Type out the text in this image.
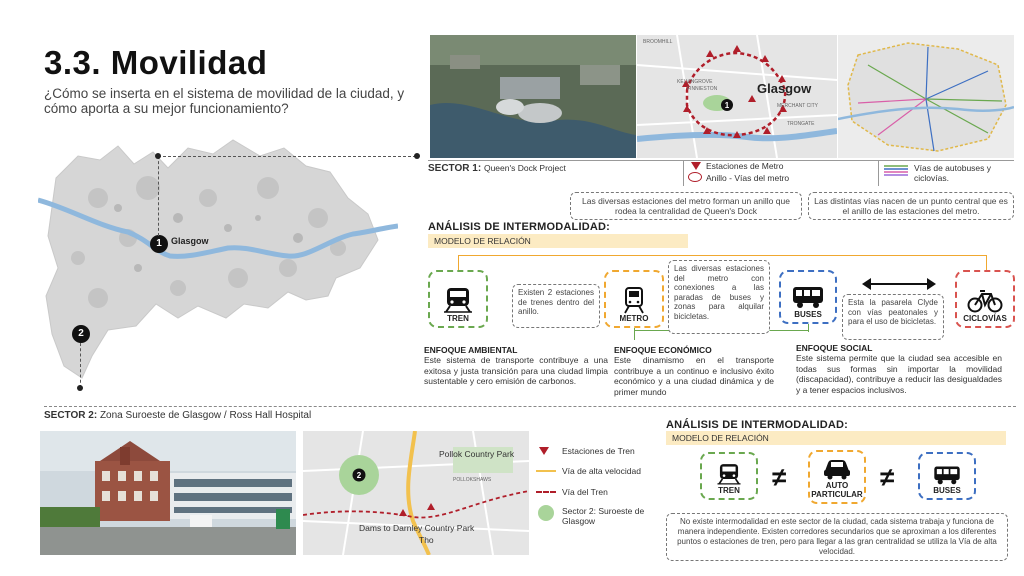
3.3. Movilidad
¿Cómo se inserta en el sistema de movilidad de la ciudad, y cómo aporta a su mejor funcionamiento?
1	Glasgow
2
1
Glasgow
BROOMHILL
KELVINGROVE
FINNIESTON
MERCHANT CITY
TRONGATE
SECTOR 1: Queen's Dock Project	Estaciones de Metro
Anillo - Vías del metro
Vías de autobuses y ciclovías.
Las diversas estaciones del metro forman un anillo que rodea la centralidad de Queen's Dock
Las distintas vías nacen de un punto central que es el anillo de las estaciones del metro.
ANÁLISIS DE INTERMODALIDAD:
MODELO DE RELACIÓN
TREN
Existen 2 estaciones de trenes dentro del anillo.
METRO
Las diversas estaciones del metro con conexiones a las paradas de buses y zonas para alquilar bicicletas.	BUSES
Esta la pasarela Clyde con vías peatonales y para el uso de bicicletas.	CICLOVÍAS
ENFOQUE AMBIENTAL
Este sistema de transporte contribuye a una exitosa y justa transición para una ciudad limpia sustentable y cero emisión de carbonos.
ENFOQUE ECONÓMICO
Este dinamismo en el transporte contribuye a un continuo e inclusivo éxito económico y a una ciudad dinámica y de primer mundo
ENFOQUE SOCIAL
Este sistema permite que la ciudad sea accesible en todas sus formas sin importar la movilidad (discapacidad), contribuye a reducir las desigualdades y a tener espacios inclusivos.
SECTOR 2: Zona Suroeste de Glasgow / Ross Hall Hospital
2
Pollok Country Park
POLLOKSHAWS
Dams to Darnley Country Park
Tho
Estaciones de Tren
Vía de alta velocidad
Vía del Tren
Sector 2: Suroeste de Glasgow
ANÁLISIS DE INTERMODALIDAD:
MODELO DE RELACIÓN
TREN ≠	AUTO PARTICULAR
≠	BUSES
No existe intermodalidad en este sector de la ciudad, cada sistema trabaja y funciona de manera independiente. Existen corredores secundarios que se aproximan a los diferentes puntos o estaciones de tren, pero para llegar a las gran centralidad se utiliza la Vía de alta velocidad.
